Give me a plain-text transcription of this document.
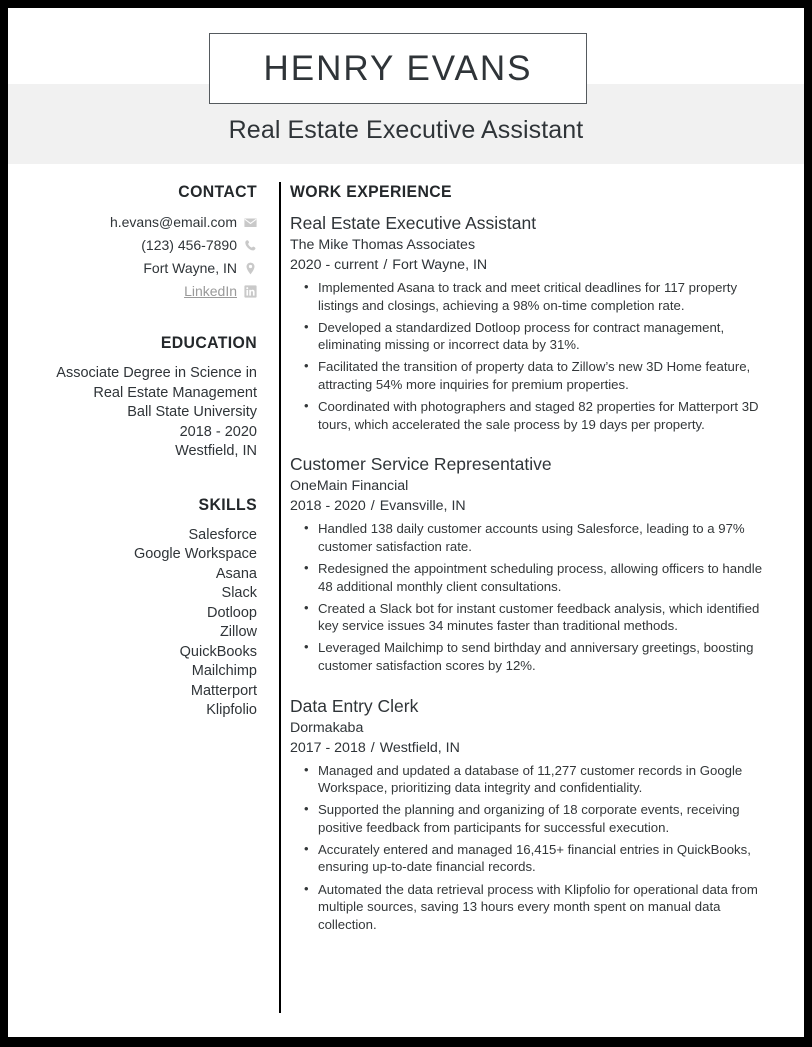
HENRY EVANS
Real Estate Executive Assistant
CONTACT
h.evans@email.com
(123) 456-7890
Fort Wayne, IN
LinkedIn
EDUCATION
Associate Degree in Science in
Real Estate Management
Ball State University
2018 - 2020
Westfield, IN
SKILLS
Salesforce
Google Workspace
Asana
Slack
Dotloop
Zillow
QuickBooks
Mailchimp
Matterport
Klipfolio
WORK EXPERIENCE
Real Estate Executive Assistant
The Mike Thomas Associates
2020 - current / Fort Wayne, IN
• Implemented Asana to track and meet critical deadlines for 117 property listings and closings, achieving a 98% on-time completion rate.
• Developed a standardized Dotloop process for contract management, eliminating missing or incorrect data by 31%.
• Facilitated the transition of property data to Zillow’s new 3D Home feature, attracting 54% more inquiries for premium properties.
• Coordinated with photographers and staged 82 properties for Matterport 3D tours, which accelerated the sale process by 19 days per property.
Customer Service Representative
OneMain Financial
2018 - 2020 / Evansville, IN
• Handled 138 daily customer accounts using Salesforce, leading to a 97% customer satisfaction rate.
• Redesigned the appointment scheduling process, allowing officers to handle 48 additional monthly client consultations.
• Created a Slack bot for instant customer feedback analysis, which identified key service issues 34 minutes faster than traditional methods.
• Leveraged Mailchimp to send birthday and anniversary greetings, boosting customer satisfaction scores by 12%.
Data Entry Clerk
Dormakaba
2017 - 2018 / Westfield, IN
• Managed and updated a database of 11,277 customer records in Google Workspace, prioritizing data integrity and confidentiality.
• Supported the planning and organizing of 18 corporate events, receiving positive feedback from participants for successful execution.
• Accurately entered and managed 16,415+ financial entries in QuickBooks, ensuring up-to-date financial records.
• Automated the data retrieval process with Klipfolio for operational data from multiple sources, saving 13 hours every month spent on manual data collection.
